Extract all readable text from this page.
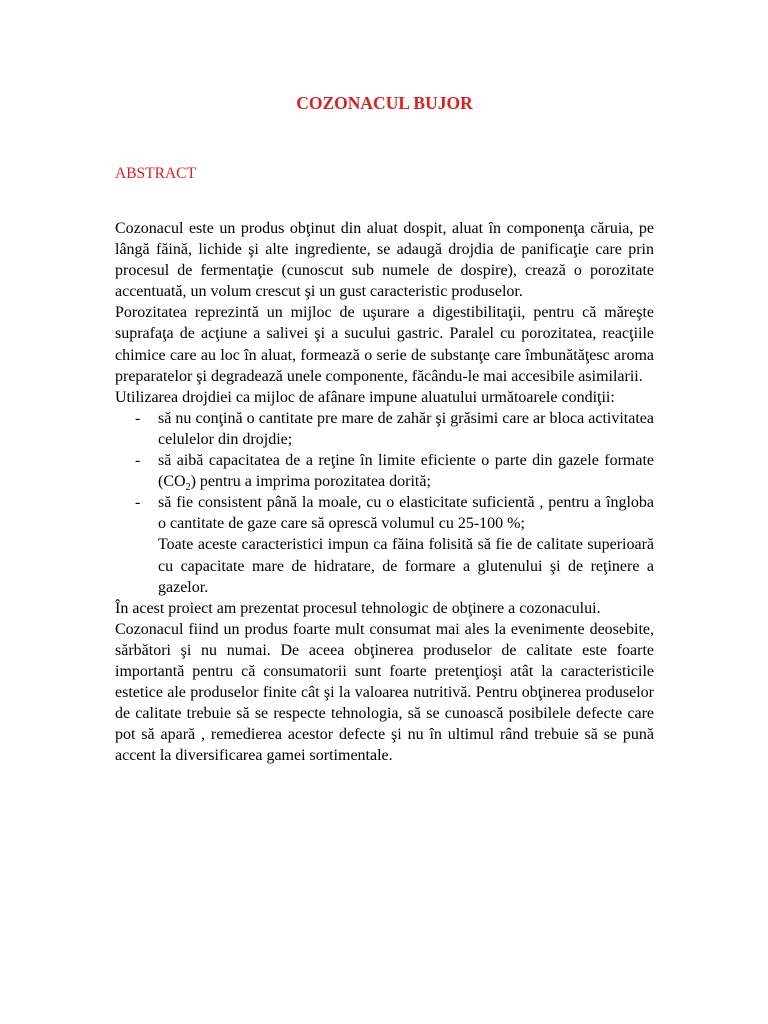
COZONACUL BUJOR
ABSTRACT

Cozonacul este un produs obţinut din aluat dospit, aluat în componenţa căruia, pe lângă făină, lichide şi alte ingrediente, se adaugă drojdia de panificaţie care prin procesul de fermentaţie (cunoscut sub numele de dospire), crează o porozitate accentuată, un volum crescut şi un gust caracteristic produselor.

Porozitatea reprezintă un mijloc de uşurare a digestibilitaţii, pentru că măreşte suprafaţa de acţiune a salivei şi a sucului gastric. Paralel cu porozitatea, reacţiile chimice care au loc în aluat, formează o serie de substanţe care îmbunătăţesc aroma preparatelor şi degradează unele componente, făcându-le mai accesibile asimilarii.

Utilizarea drojdiei ca mijloc de afânare impune aluatului următoarele condiţii:

- să nu conţină o cantitate pre mare de zahăr şi grăsimi care ar bloca activitatea celulelor din drojdie;
- să aibă capacitatea de a reţine în limite eficiente o parte din gazele formate $(CO_2)$ pentru a imprima porozitatea dorită;
- să fie consistent până la moale, cu o elasticitate suficientă , pentru a îngloba o cantitate de gaze care să oprescă volumul cu 25-100 %;

Toate aceste caracteristici impun ca făina folisită să fie de calitate superioară cu capacitate mare de hidratare, de formare a glutenului şi de reţinere a gazelor.

În acest proiect am prezentat procesul tehnologic de obţinere a cozonacului.

Cozonacul fiind un produs foarte mult consumat mai ales la evenimente deosebite, sărbători şi nu numai. De aceea obţinerea produselor de calitate este foarte importantă pentru că consumatorii sunt foarte pretenţioşi atât la caracteristicile estetice ale produselor finite cât şi la valoarea nutritivă. Pentru obţinerea produselor de calitate trebuie să se respecte tehnologia, să se cunoască posibilele defecte care pot să apară , remedierea acestor defecte şi nu în ultimul rând trebuie să se pună accent la diversificarea gamei sortimentale.
